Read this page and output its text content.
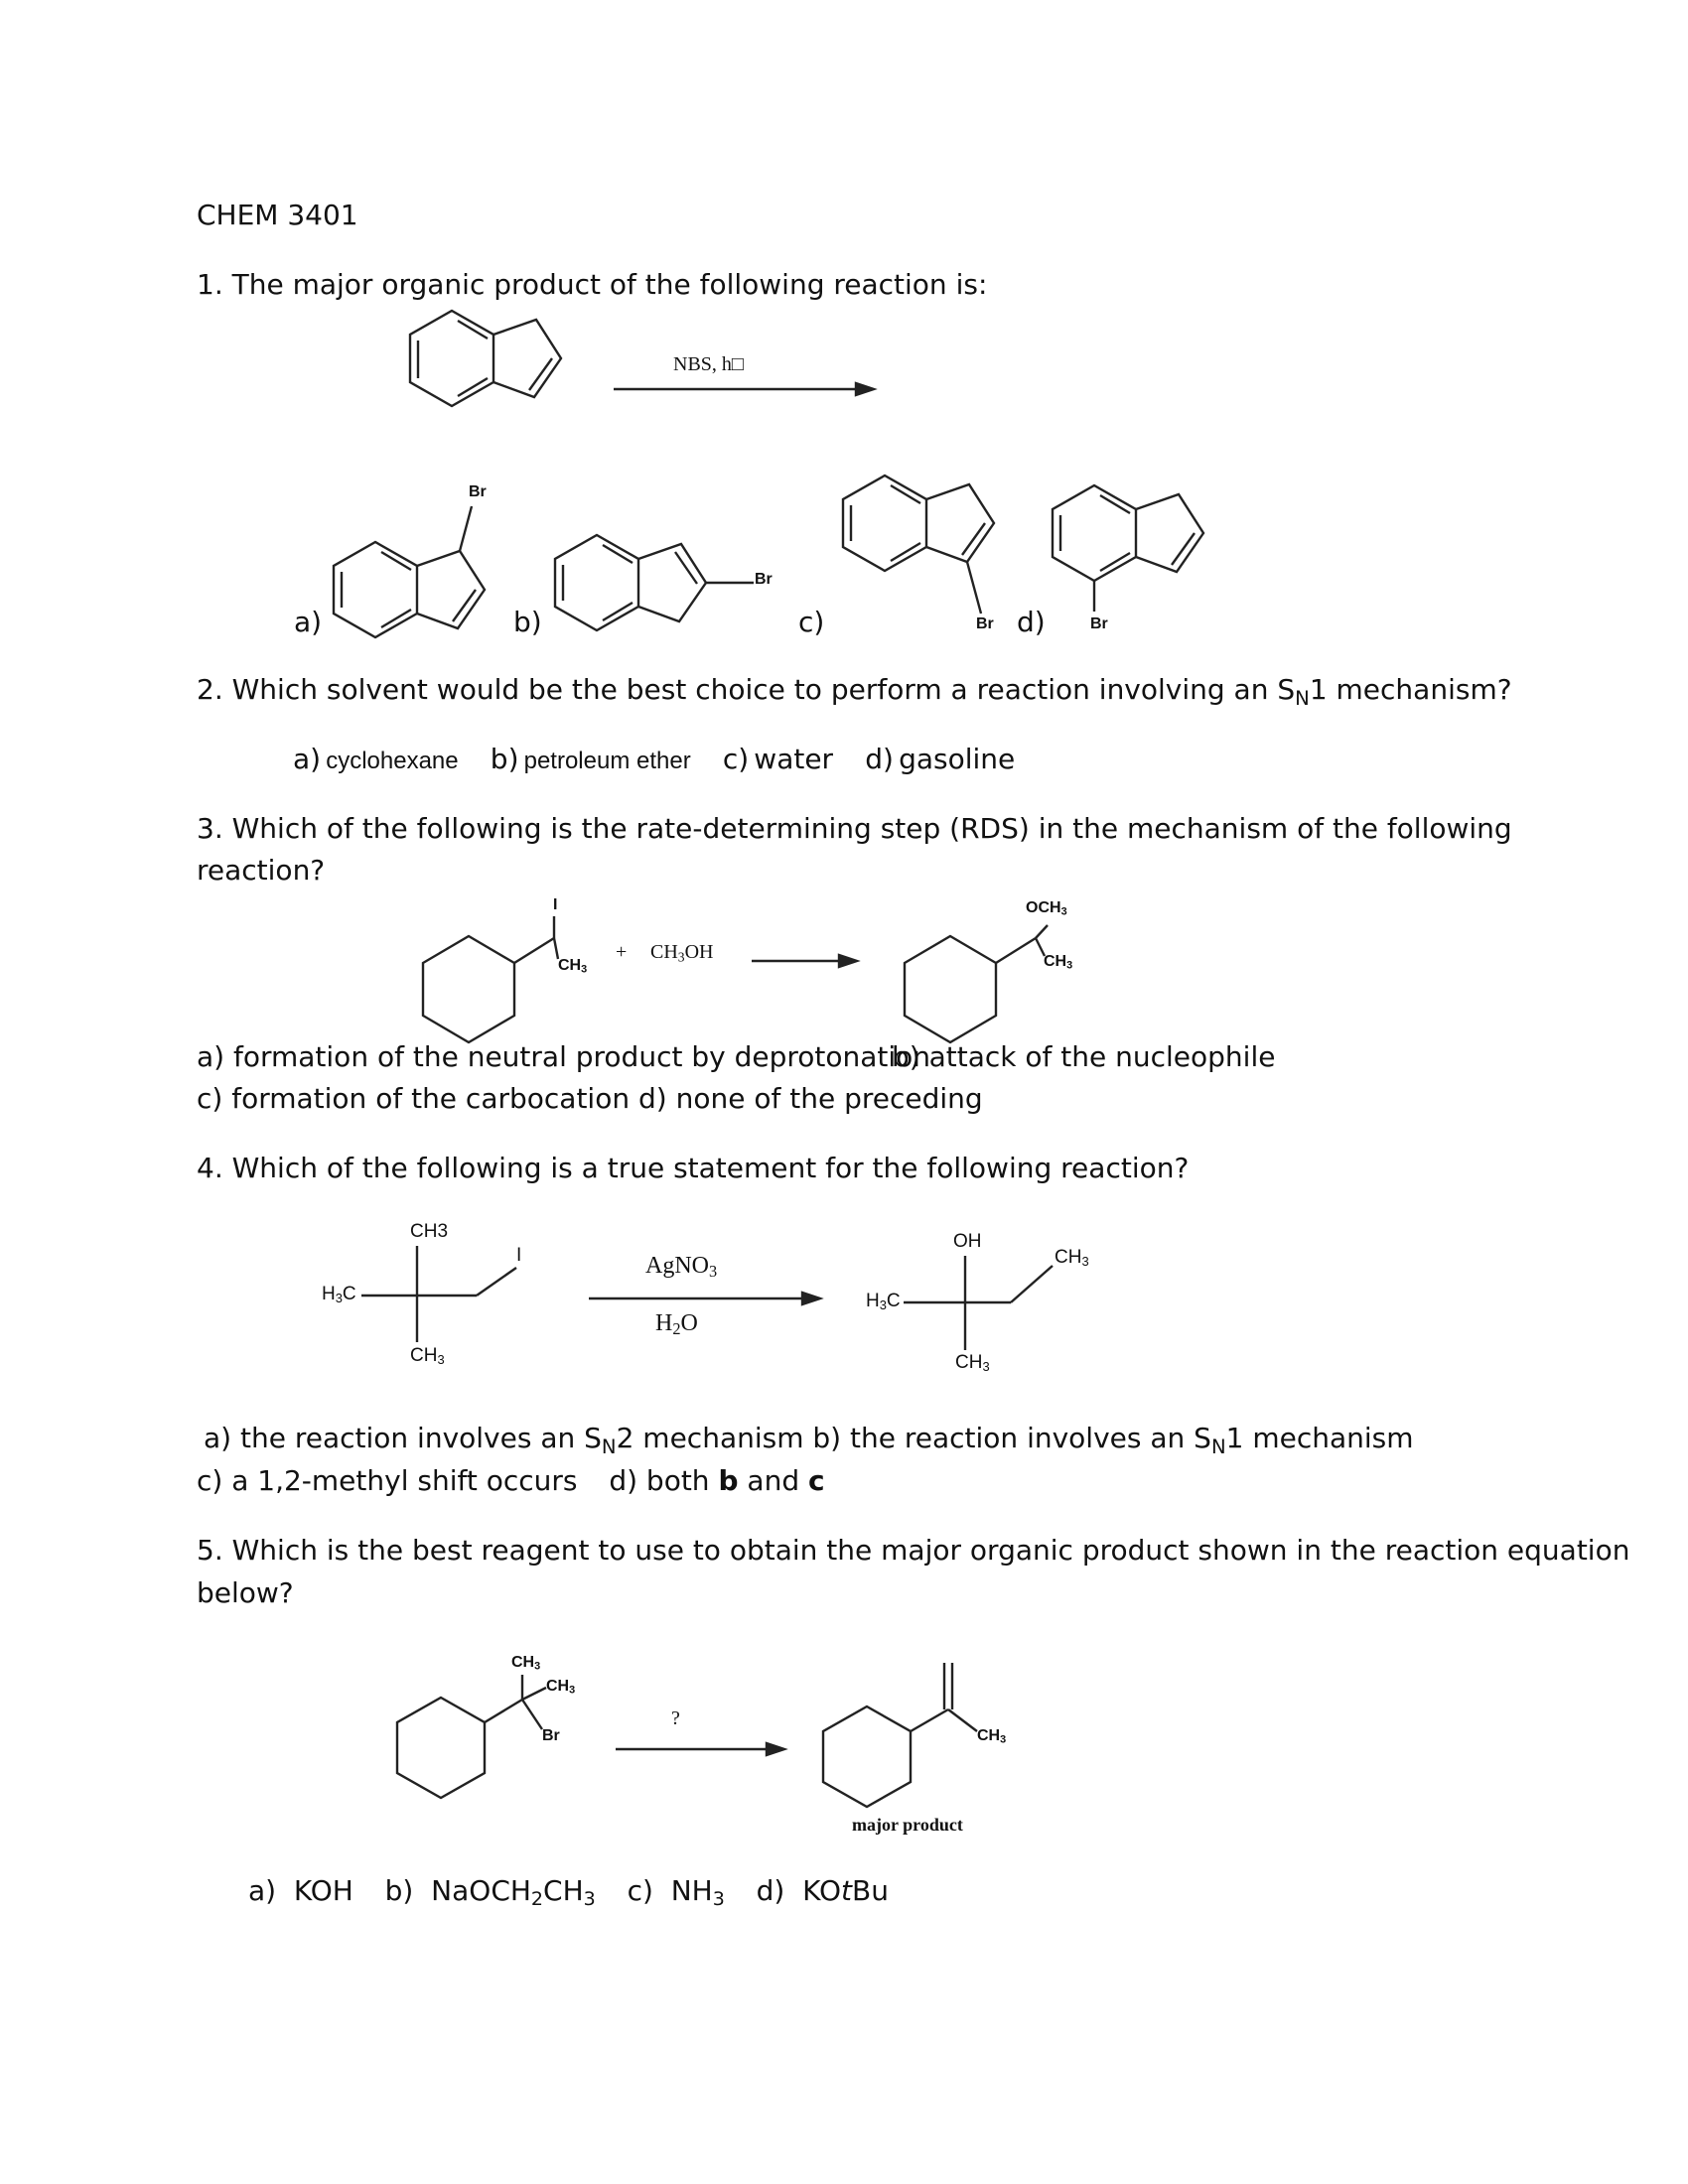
CHEM 3401
1. The major organic product of the following reaction is:
NBS, h□
Br
Br
Br	Br
a)	b)	c)	d)
2. Which solvent would be the best choice to perform a reaction involving an $S_N1$ mechanism?
a) cyclohexane b) petroleum ether c) water d) gasoline
3. Which of the following is the rate-determining step (RDS) in the mechanism of the following
reaction?
I
$CH_3$
+ $CH_3OH$
$OCH_3$
$CH_3$
a) formation of the neutral product by deprotonation
b) attack of the nucleophile
c) formation of the carbocation d) none of the preceding
4. Which of the following is a true statement for the following reaction?
CH3
$H_3C$
$CH_3$
I	AgNO$_3$
$H_2O$
OH
$H_3C$
$CH_3$
$CH_3$
a) the reaction involves an $S_N2$ mechanism b) the reaction involves an $S_N1$ mechanism
c) a 1,2-methyl shift occurs d) both b and c
5. Which is the best reagent to use to obtain the major organic product shown in the reaction equation
below?
$CH_3$
$CH_3$
Br
?
$CH_3$
major product
a) KOH b) $NaOCH_2CH_3$ c) $NH_3$ d) KOtBu
